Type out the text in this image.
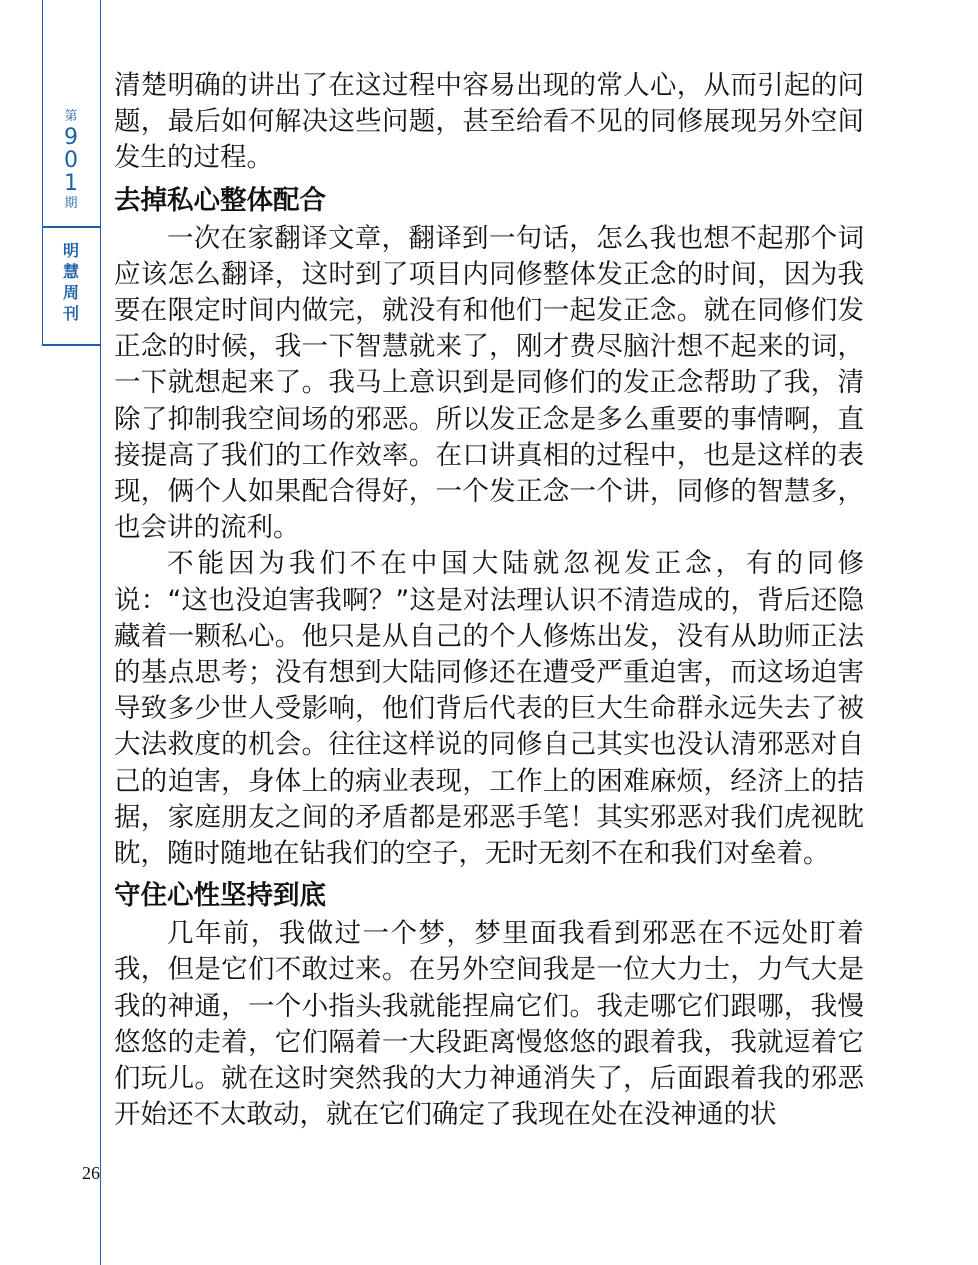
第
9
0
1
期
明
慧
周
刊

清楚明确的讲出了在这过程中容易出现的常人心，从而引起的问题，最后如何解决这些问题，甚至给看不见的同修展现另外空间发生的过程。

去掉私心整体配合

一次在家翻译文章，翻译到一句话，怎么我也想不起那个词应该怎么翻译，这时到了项目内同修整体发正念的时间，因为我要在限定时间内做完，就没有和他们一起发正念。就在同修们发正念的时候，我一下智慧就来了，刚才费尽脑汁想不起来的词，一下就想起来了。我马上意识到是同修们的发正念帮助了我，清除了抑制我空间场的邪恶。所以发正念是多么重要的事情啊，直接提高了我们的工作效率。在口讲真相的过程中，也是这样的表现，俩个人如果配合得好，一个发正念一个讲，同修的智慧多，也会讲的流利。

不能因为我们不在中国大陆就忽视发正念，有的同修说：“这也没迫害我啊？”这是对法理认识不清造成的，背后还隐藏着一颗私心。他只是从自己的个人修炼出发，没有从助师正法的基点思考；没有想到大陆同修还在遭受严重迫害，而这场迫害导致多少世人受影响，他们背后代表的巨大生命群永远失去了被大法救度的机会。往往这样说的同修自己其实也没认清邪恶对自己的迫害，身体上的病业表现，工作上的困难麻烦，经济上的拮据，家庭朋友之间的矛盾都是邪恶手笔！其实邪恶对我们虎视眈眈，随时随地在钻我们的空子，无时无刻不在和我们对垒着。

守住心性坚持到底

几年前，我做过一个梦，梦里面我看到邪恶在不远处盯着我，但是它们不敢过来。在另外空间我是一位大力士，力气大是我的神通，一个小指头我就能捏扁它们。我走哪它们跟哪，我慢悠悠的走着，它们隔着一大段距离慢悠悠的跟着我，我就逗着它们玩儿。就在这时突然我的大力神通消失了，后面跟着我的邪恶开始还不太敢动，就在它们确定了我现在处在没神通的状

26
